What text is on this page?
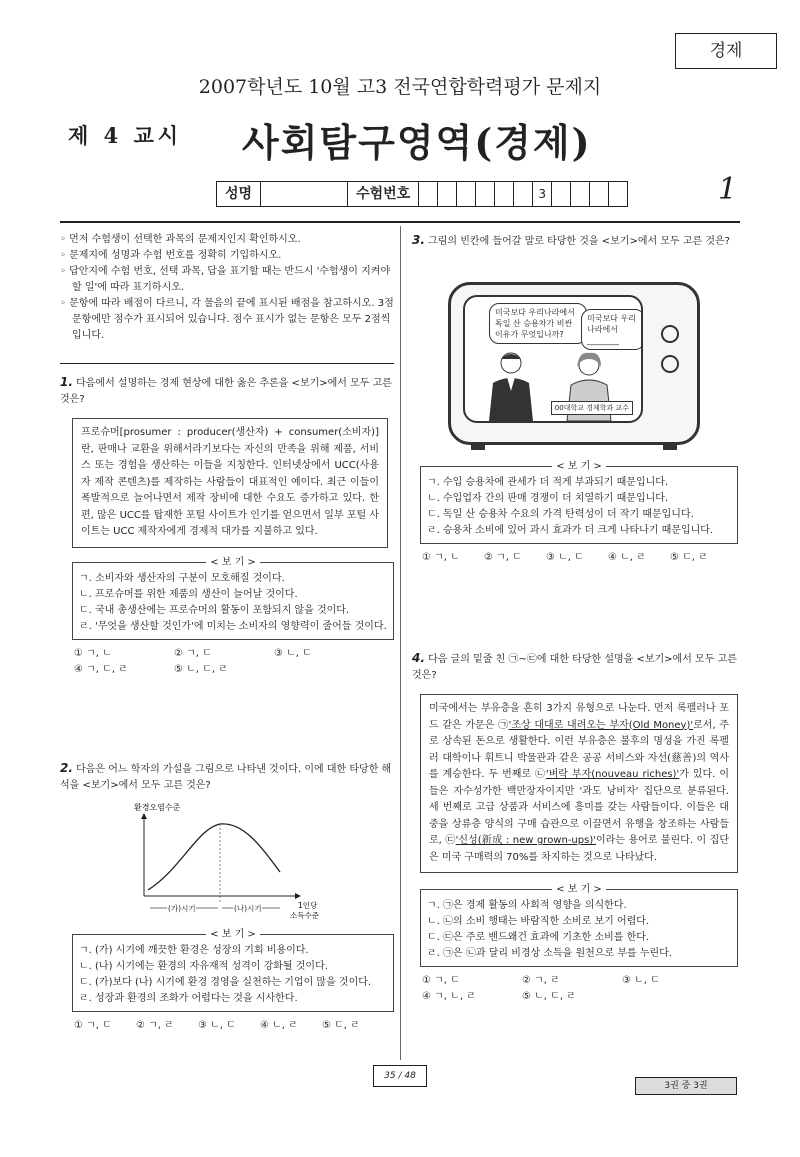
경제
2007학년도 10월 고3 전국연합학력평가 문제지
제 4 교시 사회탐구영역(경제)
성명	수험번호	3	1
◦ 먼저 수험생이 선택한 과목의 문제지인지 확인하시오.
◦ 문제지에 성명과 수험 번호를 정확히 기입하시오.
◦ 답안지에 수험 번호, 선택 과목, 답을 표기할 때는 반드시 '수험생이 지켜야 할 일'에 따라 표기하시오.
◦ 문항에 따라 배점이 다르니, 각 물음의 끝에 표시된 배점을 참고하시오. 3점 문항에만 점수가 표시되어 있습니다. 점수 표시가 없는 문항은 모두 2점씩입니다.
1. 다음에서 설명하는 경제 현상에 대한 옳은 추론을 <보기>에서 모두 고른 것은?
프로슈머[prosumer : producer(생산자) + consumer(소비자)]란, 판매나 교환을 위해서라기보다는 자신의 만족을 위해 제품, 서비스 또는 경험을 생산하는 이들을 지칭한다. 인터넷상에서 UCC(사용자 제작 콘텐츠)를 제작하는 사람들이 대표적인 예이다. 최근 이들이 폭발적으로 늘어나면서 제작 장비에 대한 수요도 증가하고 있다. 한편, 많은 UCC를 탑재한 포털 사이트가 인기를 얻으면서 일부 포털 사이트는 UCC 제작자에게 경제적 대가를 지불하고 있다.
< 보 기 >
ㄱ. 소비자와 생산자의 구분이 모호해질 것이다.
ㄴ. 프로슈머를 위한 제품의 생산이 늘어날 것이다.
ㄷ. 국내 총생산에는 프로슈머의 활동이 포함되지 않을 것이다.
ㄹ. '무엇을 생산할 것인가'에 미치는 소비자의 영향력이 줄어들 것이다.
① ㄱ, ㄴ	② ㄱ, ㄷ	③ ㄴ, ㄷ
④ ㄱ, ㄷ, ㄹ	⑤ ㄴ, ㄷ, ㄹ
2. 다음은 어느 학자의 가설을 그림으로 나타낸 것이다. 이에 대한 타당한 해석을 <보기>에서 모두 고른 것은?
환경오염수준
(가)시기	(나)시기	1인당
소득수준
< 보 기 >
ㄱ. (가) 시기에 깨끗한 환경은 성장의 기회 비용이다.
ㄴ. (나) 시기에는 환경의 자유재적 성격이 강화될 것이다.
ㄷ. (가)보다 (나) 시기에 환경 경영을 실천하는 기업이 많을 것이다.
ㄹ. 성장과 환경의 조화가 어렵다는 것을 시사한다.
① ㄱ, ㄷ	② ㄱ, ㄹ	③ ㄴ, ㄷ	④ ㄴ, ㄹ	⑤ ㄷ, ㄹ
3. 그림의 빈칸에 들어갈 말로 타당한 것을 <보기>에서 모두 고른 것은?
미국보다 우리나라에서 독일 산 승용차가 비싼 이유가 무엇입니까?
미국보다 우리나라에서 ________
00대학교 경제학과 교수
< 보 기 >
ㄱ. 수입 승용차에 관세가 더 적게 부과되기 때문입니다.
ㄴ. 수입업자 간의 판매 경쟁이 더 치열하기 때문입니다.
ㄷ. 독일 산 승용차 수요의 가격 탄력성이 더 작기 때문입니다.
ㄹ. 승용차 소비에 있어 과시 효과가 더 크게 나타나기 때문입니다.
① ㄱ, ㄴ	② ㄱ, ㄷ	③ ㄴ, ㄷ	④ ㄴ, ㄹ	⑤ ㄷ, ㄹ
4. 다음 글의 밑줄 친 ㉠~㉢에 대한 타당한 설명을 <보기>에서 모두 고른 것은?
미국에서는 부유층을 흔히 3가지 유형으로 나눈다. 먼저 록펠러나 포드 같은 가문은 ㉠'조상 대대로 내려오는 부자(Old Money)'로서, 주로 상속된 돈으로 생활한다. 이런 부유층은 불후의 명성을 가진 록펠러 대학이나 휘트니 박물관과 같은 공공 서비스와 자선(慈善)의 역사를 계승한다. 두 번째로 ㉡'벼락 부자(nouveau riches)'가 있다. 이들은 자수성가한 백만장자이지만 '과도 낭비자' 집단으로 분류된다. 세 번째로 고급 상품과 서비스에 흥미를 갖는 사람들이다. 이들은 대중을 상류층 양식의 구매 습관으로 이끌면서 유행을 창조하는 사람들로, ㉢'신성(新成 : new grown-ups)'이라는 용어로 불린다. 이 집단은 미국 구매력의 70%를 차지하는 것으로 나타났다.
< 보 기 >
ㄱ. ㉠은 경제 활동의 사회적 영향을 의식한다.
ㄴ. ㉡의 소비 행태는 바람직한 소비로 보기 어렵다.
ㄷ. ㉢은 주로 밴드왜건 효과에 기초한 소비를 한다.
ㄹ. ㉠은 ㉡과 달리 비경상 소득을 원천으로 부를 누린다.
① ㄱ, ㄷ	② ㄱ, ㄹ	③ ㄴ, ㄷ
④ ㄱ, ㄴ, ㄹ	⑤ ㄴ, ㄷ, ㄹ
35 / 48
3권 중 3권
